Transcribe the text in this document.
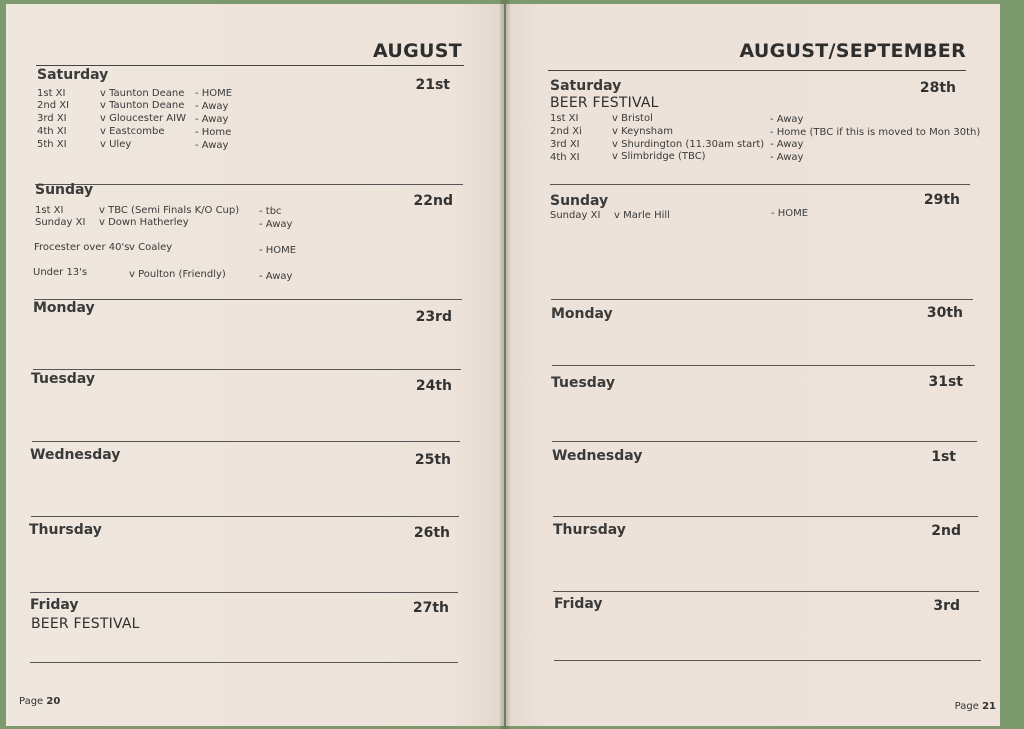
AUGUST
Saturday
21st
1st XI	v Taunton Deane - HOME
2nd XI	v Taunton Deane - Away
3rd XI	v Gloucester AIW - Away
4th XI	v Eastcombe	- Home
5th XI	v Uley	- Away
Sunday
22nd
1st XI	v TBC (Semi Finals K/O Cup) - tbc
Sunday XI v Down Hatherley	- Away
Frocester over 40's v Coaley	- HOME
Under 13's	v Poulton (Friendly)	- Away
Monday
23rd
Tuesday	24th
Wednesday	25th
Thursday	26th
Friday	27th
BEER FESTIVAL
Page 20
AUGUST/SEPTEMBER
Saturday	28th
BEER FESTIVAL
1st XI	v Bristol	- Away
2nd Xi	v Keynsham	- Home (TBC if this is moved to Mon 30th)
3rd XI	v Shurdington (11.30am start) - Away
4th XI	v Slimbridge (TBC)	- Away
Sunday	29th
Sunday XI v Marle Hill	- HOME
Monday	30th
Tuesday	31st
Wednesday	1st
Thursday	2nd
Friday	3rd
Page 21
